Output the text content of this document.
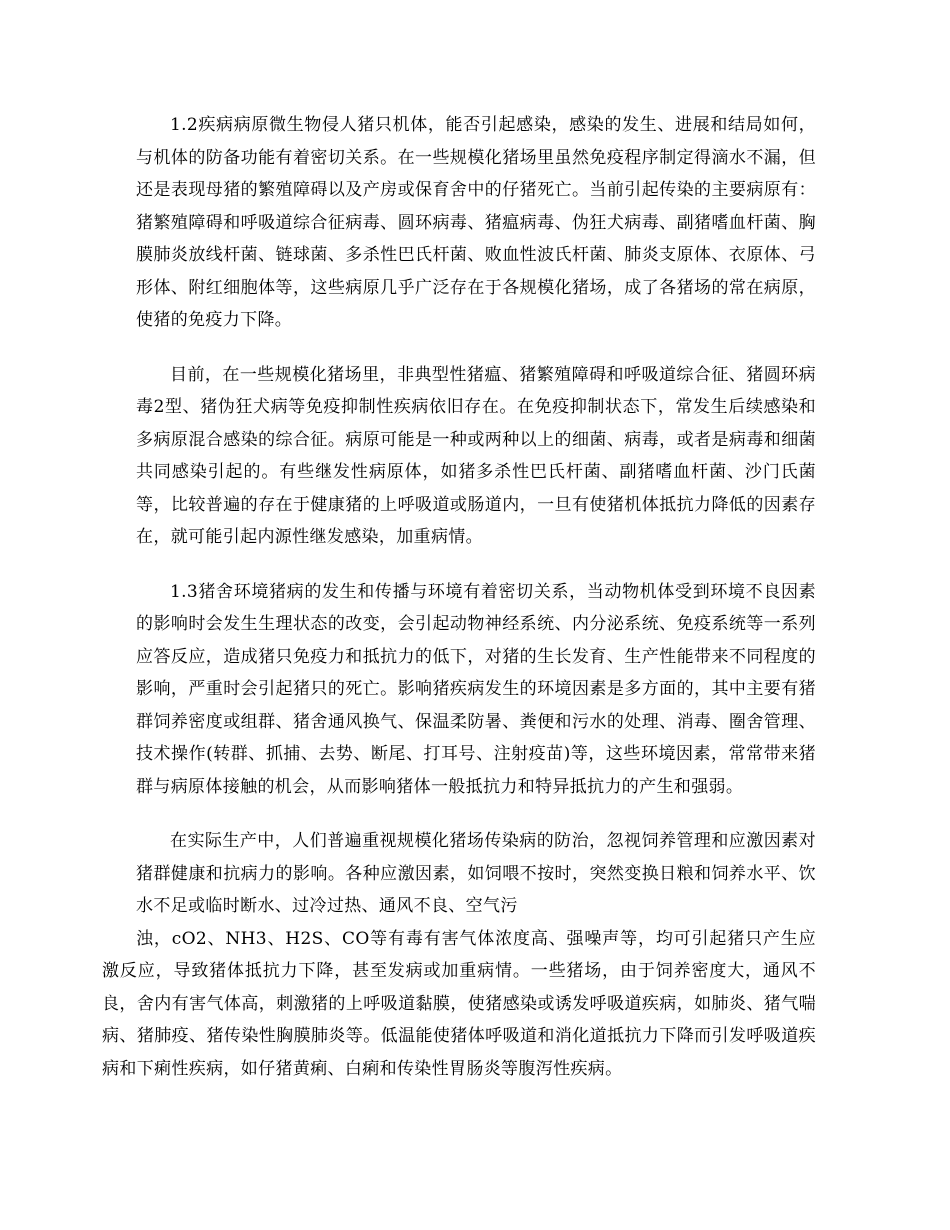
1.2疾病病原微生物侵人猪只机体，能否引起感染，感染的发生、进展和结局如何，与机体的防备功能有着密切关系。在一些规模化猪场里虽然免疫程序制定得滴水不漏，但还是表现母猪的繁殖障碍以及产房或保育舍中的仔猪死亡。当前引起传染的主要病原有：猪繁殖障碍和呼吸道综合征病毒、圆环病毒、猪瘟病毒、伪狂犬病毒、副猪嗜血杆菌、胸膜肺炎放线杆菌、链球菌、多杀性巴氏杆菌、败血性波氏杆菌、肺炎支原体、衣原体、弓形体、附红细胞体等，这些病原几乎广泛存在于各规模化猪场，成了各猪场的常在病原，使猪的免疫力下降。

目前，在一些规模化猪场里，非典型性猪瘟、猪繁殖障碍和呼吸道综合征、猪圆环病毒2型、猪伪狂犬病等免疫抑制性疾病依旧存在。在免疫抑制状态下，常发生后续感染和多病原混合感染的综合征。病原可能是一种或两种以上的细菌、病毒，或者是病毒和细菌共同感染引起的。有些继发性病原体，如猪多杀性巴氏杆菌、副猪嗜血杆菌、沙门氏菌等，比较普遍的存在于健康猪的上呼吸道或肠道内，一旦有使猪机体抵抗力降低的因素存在，就可能引起内源性继发感染，加重病情。

1.3猪舍环境猪病的发生和传播与环境有着密切关系，当动物机体受到环境不良因素的影响时会发生生理状态的改变，会引起动物神经系统、内分泌系统、免疫系统等一系列应答反应，造成猪只免疫力和抵抗力的低下，对猪的生长发育、生产性能带来不同程度的影响，严重时会引起猪只的死亡。影响猪疾病发生的环境因素是多方面的，其中主要有猪群饲养密度或组群、猪舍通风换气、保温柔防暑、粪便和污水的处理、消毒、圈舍管理、技术操作(转群、抓捕、去势、断尾、打耳号、注射疫苗)等，这些环境因素，常常带来猪群与病原体接触的机会，从而影响猪体一般抵抗力和特异抵抗力的产生和强弱。

在实际生产中，人们普遍重视规模化猪场传染病的防治，忽视饲养管理和应激因素对猪群健康和抗病力的影响。各种应激因素，如饲喂不按时，突然变换日粮和饲养水平、饮水不足或临时断水、过冷过热、通风不良、空气污
浊，cO2、NH3、H2S、CO等有毒有害气体浓度高、强噪声等，均可引起猪只产生应激反应，导致猪体抵抗力下降，甚至发病或加重病情。一些猪场，由于饲养密度大，通风不良，舍内有害气体高，刺激猪的上呼吸道黏膜，使猪感染或诱发呼吸道疾病，如肺炎、猪气喘病、猪肺疫、猪传染性胸膜肺炎等。低温能使猪体呼吸道和消化道抵抗力下降而引发呼吸道疾病和下痢性疾病，如仔猪黄痢、白痢和传染性胃肠炎等腹泻性疾病。
